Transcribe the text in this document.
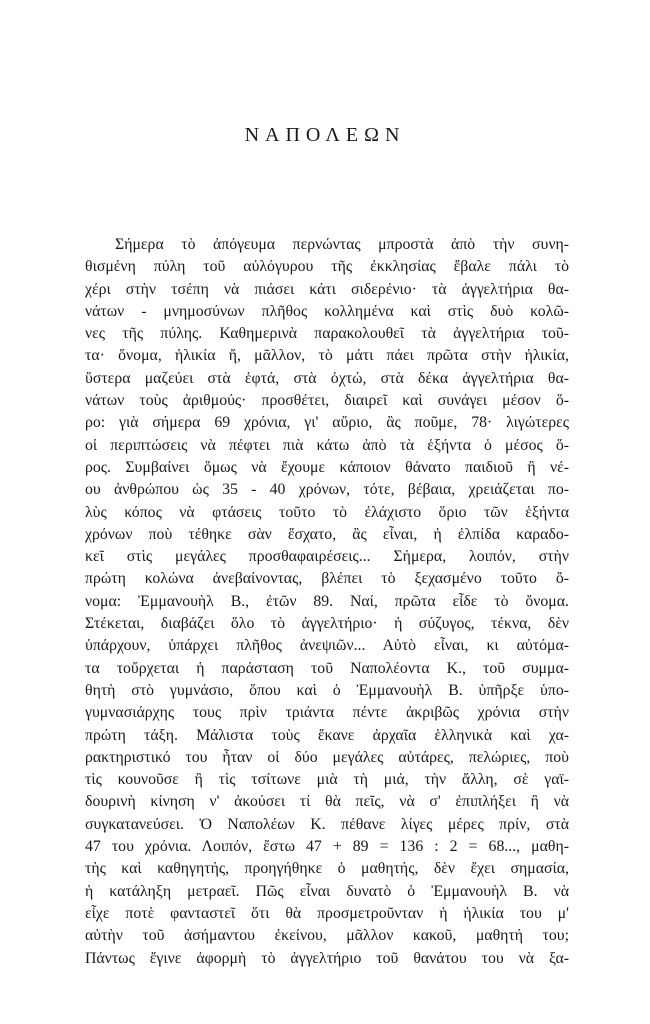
ΝΑΠΟΛΕΩΝ
Σήμερα τὸ ἀπόγευμα περνώντας μπροστὰ ἀπὸ τὴν συνη-
θισμένη πύλη τοῦ αὐλόγυρου τῆς ἐκκλησίας ἔβαλε πάλι τὸ
χέρι στὴν τσέπη νὰ πιάσει κάτι σιδερένιο· τὰ ἀγγελτήρια θα-
νάτων - μνημοσύνων πλῆθος κολλημένα καὶ στὶς δυὸ κολῶ-
νες τῆς πύλης. Καθημερινὰ παρακολουθεῖ τὰ ἀγγελτήρια τοῦ-
τα· ὄνομα, ἡλικία ἤ, μᾶλλον, τὸ μάτι πάει πρῶτα στὴν ἡλικία,
ὕστερα μαζεύει στὰ ἑφτά, στὰ ὀχτώ, στὰ δέκα ἀγγελτήρια θα-
νάτων τοὺς ἀριθμούς· προσθέτει, διαιρεῖ καὶ συνάγει μέσον ὅ-
ρο: γιὰ σήμερα 69 χρόνια, γι' αὔριο, ἂς ποῦμε, 78· λιγώτερες
οἱ περιπτώσεις νὰ πέφτει πιὰ κάτω ἀπὸ τὰ ἑξήντα ὁ μέσος ὅ-
ρος. Συμβαίνει ὅμως νὰ ἔχουμε κάποιον θάνατο παιδιοῦ ἢ νέ-
ου ἀνθρώπου ὡς 35 - 40 χρόνων, τότε, βέβαια, χρειάζεται πο-
λὺς κόπος νὰ φτάσεις τοῦτο τὸ ἐλάχιστο ὅριο τῶν ἑξήντα
χρόνων ποὺ τέθηκε σὰν ἔσχατο, ἂς εἶναι, ἡ ἐλπίδα καραδο-
κεῖ στὶς μεγάλες προσθαφαιρέσεις... Σήμερα, λοιπόν, στὴν
πρώτη κολώνα ἀνεβαίνοντας, βλέπει τὸ ξεχασμένο τοῦτο ὄ-
νομα: Ἐμμανουὴλ Β., ἐτῶν 89. Ναί, πρῶτα εἶδε τὸ ὄνομα.
Στέκεται, διαβάζει ὅλο τὸ ἀγγελτήριο· ἡ σύζυγος, τέκνα, δὲν
ὑπάρχουν, ὑπάρχει πλῆθος ἀνεψιῶν... Αὐτὸ εἶναι, κι αὐτόμα-
τα τοὔρχεται ἡ παράσταση τοῦ Ναπολέοντα Κ., τοῦ συμμα-
θητὴ στὸ γυμνάσιο, ὅπου καὶ ὁ Ἐμμανουὴλ Β. ὑπῆρξε ὑπο-
γυμνασιάρχης τους πρὶν τριάντα πέντε ἀκριβῶς χρόνια στὴν
πρώτη τάξη. Μάλιστα τοὺς ἔκανε ἀρχαῖα ἑλληνικὰ καὶ χα-
ρακτηριστικό του ἦταν οἱ δύο μεγάλες αὐτάρες, πελώριες, ποὺ
τὶς κουνοῦσε ἢ τὶς τσίτωνε μιὰ τὴ μιά, τὴν ἄλλη, σὲ γαϊ-
δουρινὴ κίνηση ν' ἀκούσει τί θὰ πεῖς, νὰ σ' ἐπιπλήξει ἢ νὰ
συγκατανεύσει. Ὁ Ναπολέων Κ. πέθανε λίγες μέρες πρίν, στὰ
47 του χρόνια. Λοιπόν, ἔστω 47 + 89 = 136 : 2 = 68..., μαθη-
τὴς καὶ καθηγητής, προηγήθηκε ὁ μαθητής, δὲν ἔχει σημασία,
ἡ κατάληξη μετραεῖ. Πῶς εἶναι δυνατὸ ὁ Ἐμμανουὴλ Β. νὰ
εἶχε ποτὲ φανταστεῖ ὅτι θὰ προσμετροῦνταν ἡ ἡλικία του μ'
αὐτὴν τοῦ ἀσήμαντου ἐκείνου, μᾶλλον κακοῦ, μαθητή του;
Πάντως ἔγινε ἀφορμὴ τὸ ἀγγελτήριο τοῦ θανάτου του νὰ ξα-
